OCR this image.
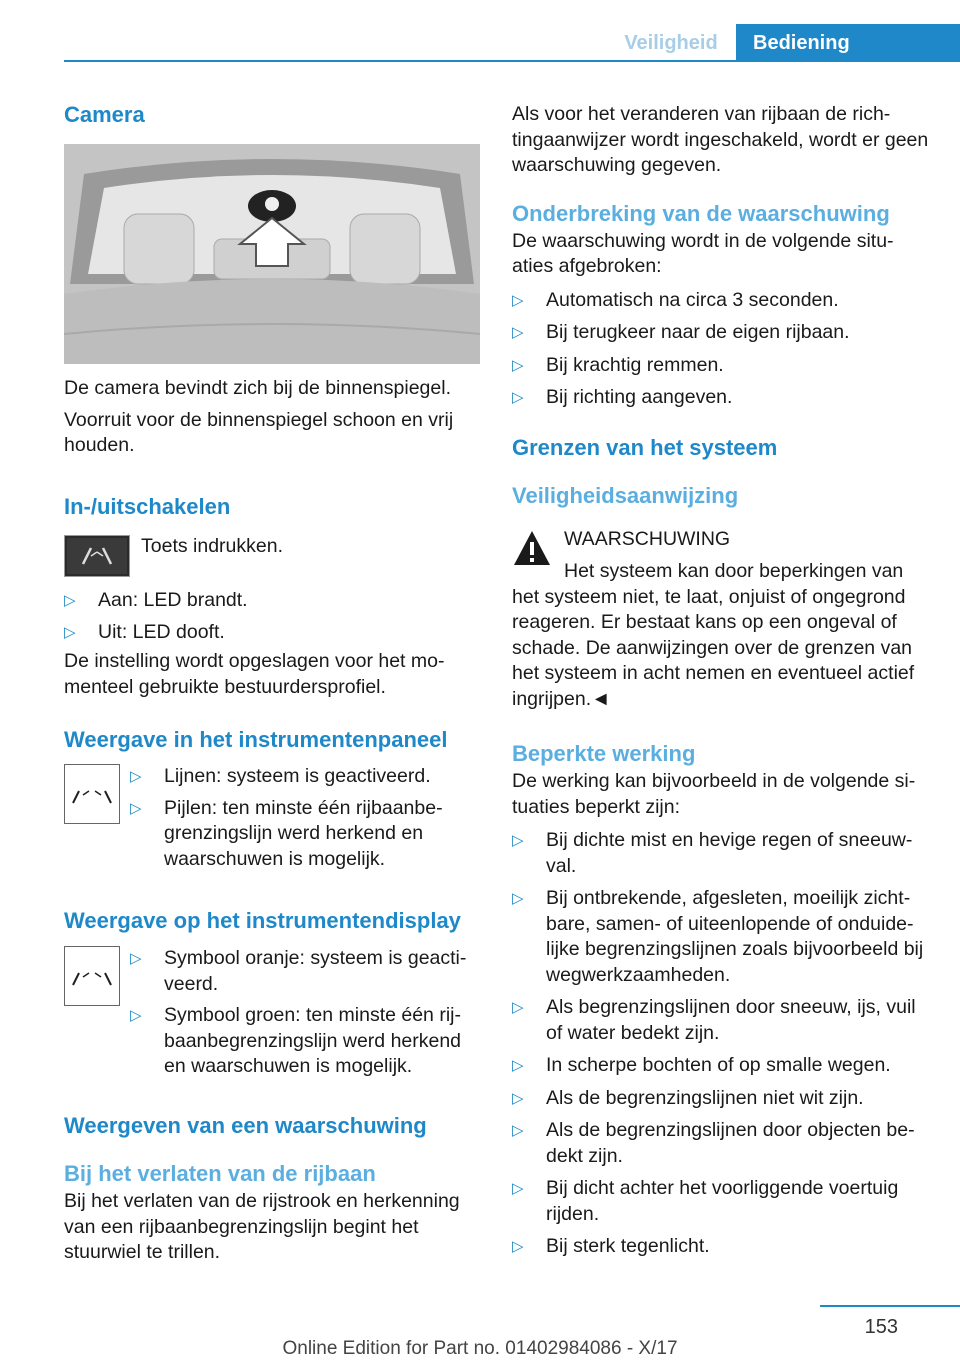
Veiligheid	Bediening
Camera

De camera bevindt zich bij de binnenspiegel.

Voorruit voor de binnenspiegel schoon en vrij houden.

In-/uitschakelen

Toets indrukken.

▷ Aan: LED brandt.
▷ Uit: LED dooft.

De instelling wordt opgeslagen voor het mo-menteel gebruikte bestuurdersprofiel.

Weergave in het instrumentenpaneel
▷ Lijnen: systeem is geactiveerd.
▷ Pijlen: ten minste één rijbaanbe-grenzingslijn werd herkend en waarschuwen is mogelijk.
Weergave op het instrumentendisplay
▷ Symbool oranje: systeem is geacti-veerd.
▷ Symbool groen: ten minste één rij-baanbegrenzingslijn werd herkend en waarschuwen is mogelijk.
Weergeven van een waarschuwing
Bij het verlaten van de rijbaan

Bij het verlaten van de rijstrook en herkenning van een rijbaanbegrenzingslijn begint het stuurwiel te trillen.

Als voor het veranderen van rijbaan de rich-tingaanwijzer wordt ingeschakeld, wordt er geen waarschuwing gegeven.

Onderbreking van de waarschuwing

De waarschuwing wordt in de volgende situ-aties afgebroken:

▷ Automatisch na circa 3 seconden.
▷ Bij terugkeer naar de eigen rijbaan.
▷ Bij krachtig remmen.
▷ Bij richting aangeven.
Grenzen van het systeem
Veiligheidsaanwijzing

WAARSCHUWING

Het systeem kan door beperkingen van het systeem niet, te laat, onjuist of ongegrond reageren. Er bestaat kans op een ongeval of schade. De aanwijzingen over de grenzen van het systeem in acht nemen en eventueel actief ingrijpen.◄

Beperkte werking

De werking kan bijvoorbeeld in de volgende si-tuaties beperkt zijn:

▷ Bij dichte mist en hevige regen of sneeuw-val.
▷ Bij ontbrekende, afgesleten, moeilijk zicht-bare, samen- of uiteenlopende of onduide-lijke begrenzingslijnen zoals bijvoorbeeld bij wegwerkzaamheden.
▷ Als begrenzingslijnen door sneeuw, ijs, vuil of water bedekt zijn.
▷ In scherpe bochten of op smalle wegen.
▷ Als de begrenzingslijnen niet wit zijn.
▷ Als de begrenzingslijnen door objecten be-dekt zijn.
▷ Bij dicht achter het voorliggende voertuig rijden.
▷ Bij sterk tegenlicht.
153
Online Edition for Part no. 01402984086 - X/17
